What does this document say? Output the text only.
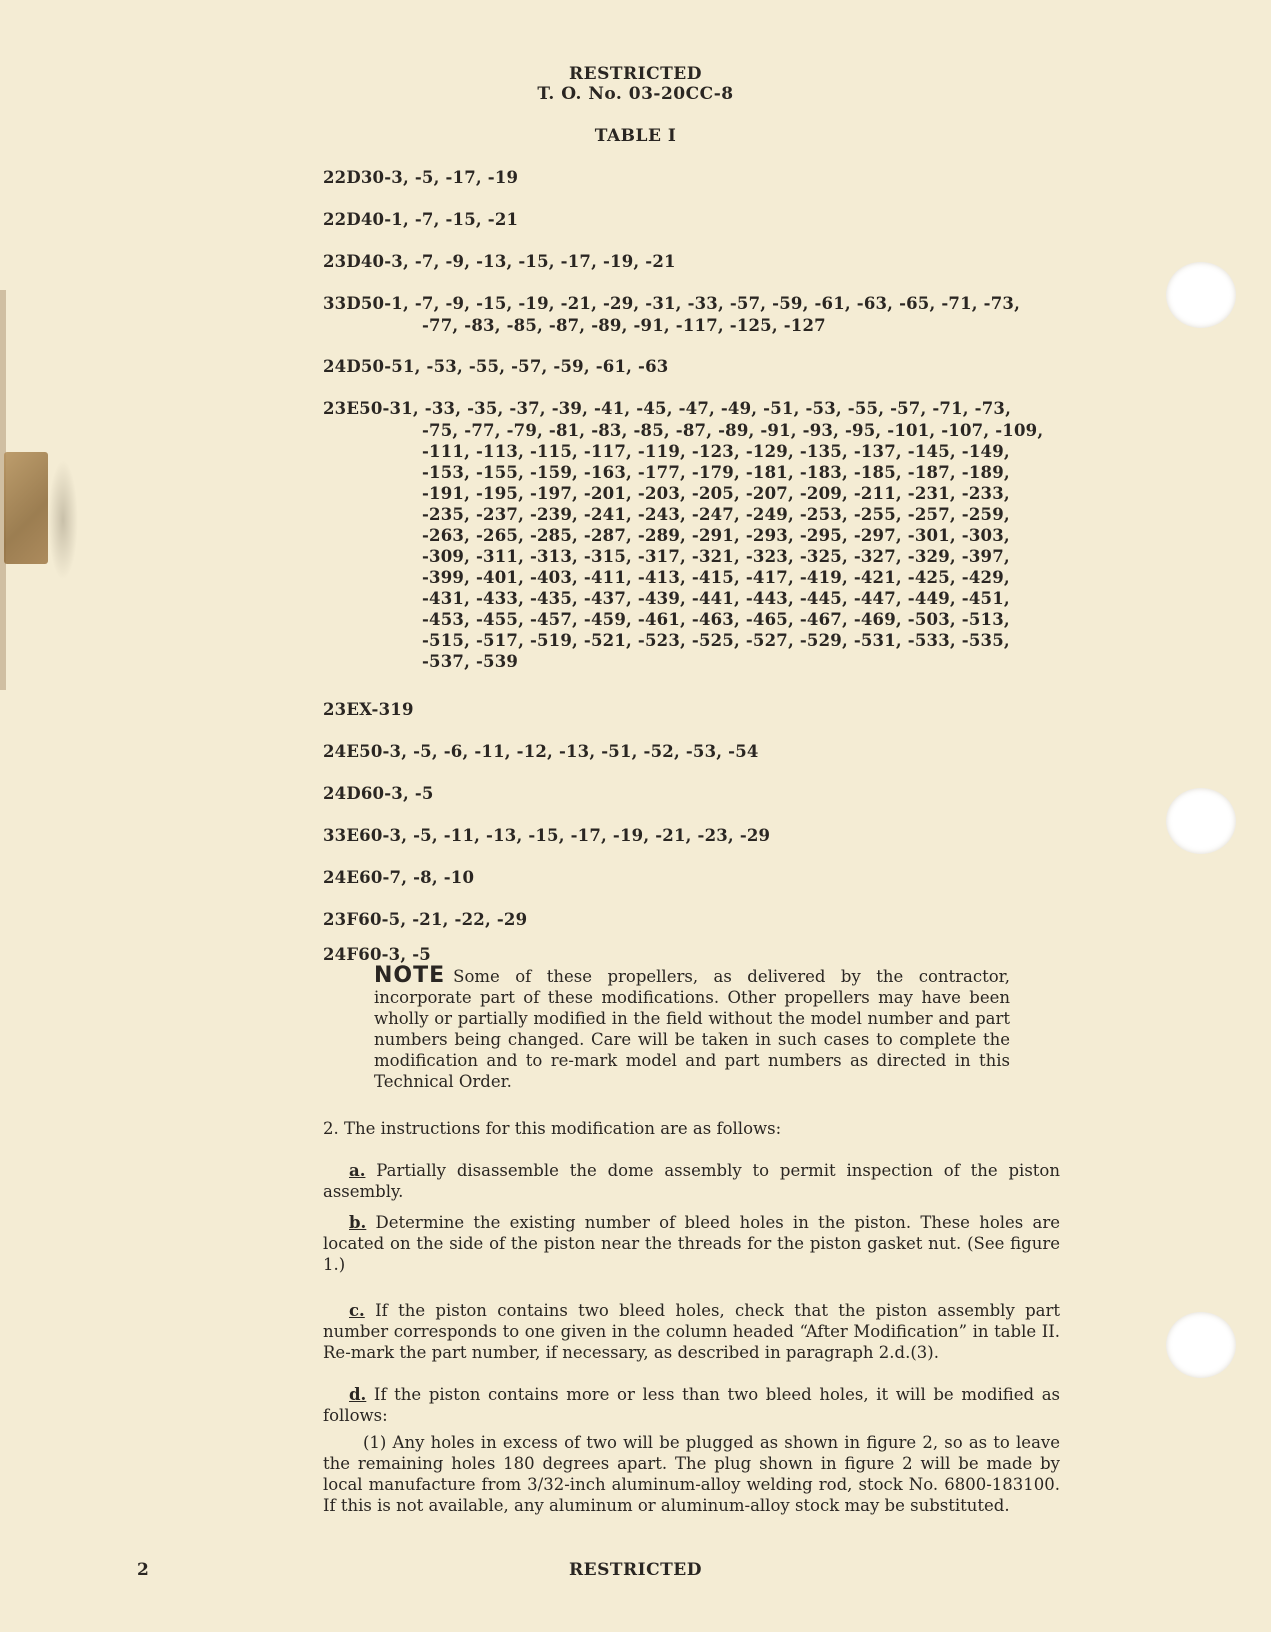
RESTRICTED
T. O. No. 03-20CC-8
TABLE I
22D30-3, -5, -17, -19
22D40-1, -7, -15, -21
23D40-3, -7, -9, -13, -15, -17, -19, -21
33D50-1, -7, -9, -15, -19, -21, -29, -31, -33, -57, -59, -61, -63, -65, -71, -73,
-77, -83, -85, -87, -89, -91, -117, -125, -127
24D50-51, -53, -55, -57, -59, -61, -63
23E50-31, -33, -35, -37, -39, -41, -45, -47, -49, -51, -53, -55, -57, -71, -73,
-75, -77, -79, -81, -83, -85, -87, -89, -91, -93, -95, -101, -107, -109,
-111, -113, -115, -117, -119, -123, -129, -135, -137, -145, -149,
-153, -155, -159, -163, -177, -179, -181, -183, -185, -187, -189,
-191, -195, -197, -201, -203, -205, -207, -209, -211, -231, -233,
-235, -237, -239, -241, -243, -247, -249, -253, -255, -257, -259,
-263, -265, -285, -287, -289, -291, -293, -295, -297, -301, -303,
-309, -311, -313, -315, -317, -321, -323, -325, -327, -329, -397,
-399, -401, -403, -411, -413, -415, -417, -419, -421, -425, -429,
-431, -433, -435, -437, -439, -441, -443, -445, -447, -449, -451,
-453, -455, -457, -459, -461, -463, -465, -467, -469, -503, -513,
-515, -517, -519, -521, -523, -525, -527, -529, -531, -533, -535,
-537, -539
23EX-319
24E50-3, -5, -6, -11, -12, -13, -51, -52, -53, -54
24D60-3, -5
33E60-3, -5, -11, -13, -15, -17, -19, -21, -23, -29
24E60-7, -8, -10
23F60-5, -21, -22, -29
24F60-3, -5
NOTE Some of these propellers, as delivered by the contractor, incorporate part of these modifications. Other propellers may have been wholly or partially modified in the field without the model number and part numbers being changed. Care will be taken in such cases to complete the modification and to re-mark model and part numbers as directed in this Technical Order.
2. The instructions for this modification are as follows:
a. Partially disassemble the dome assembly to permit inspection of the piston assembly.
b. Determine the existing number of bleed holes in the piston. These holes are located on the side of the piston near the threads for the piston gasket nut. (See figure 1.)
c. If the piston contains two bleed holes, check that the piston assembly part number corresponds to one given in the column headed “After Modification” in table II. Re-mark the part number, if necessary, as described in paragraph 2.d.(3).
d. If the piston contains more or less than two bleed holes, it will be modified as follows:
(1) Any holes in excess of two will be plugged as shown in figure 2, so as to leave the remaining holes 180 degrees apart. The plug shown in figure 2 will be made by local manufacture from 3/32-inch aluminum-alloy welding rod, stock No. 6800-183100. If this is not available, any aluminum or aluminum-alloy stock may be substituted.
2	RESTRICTED
